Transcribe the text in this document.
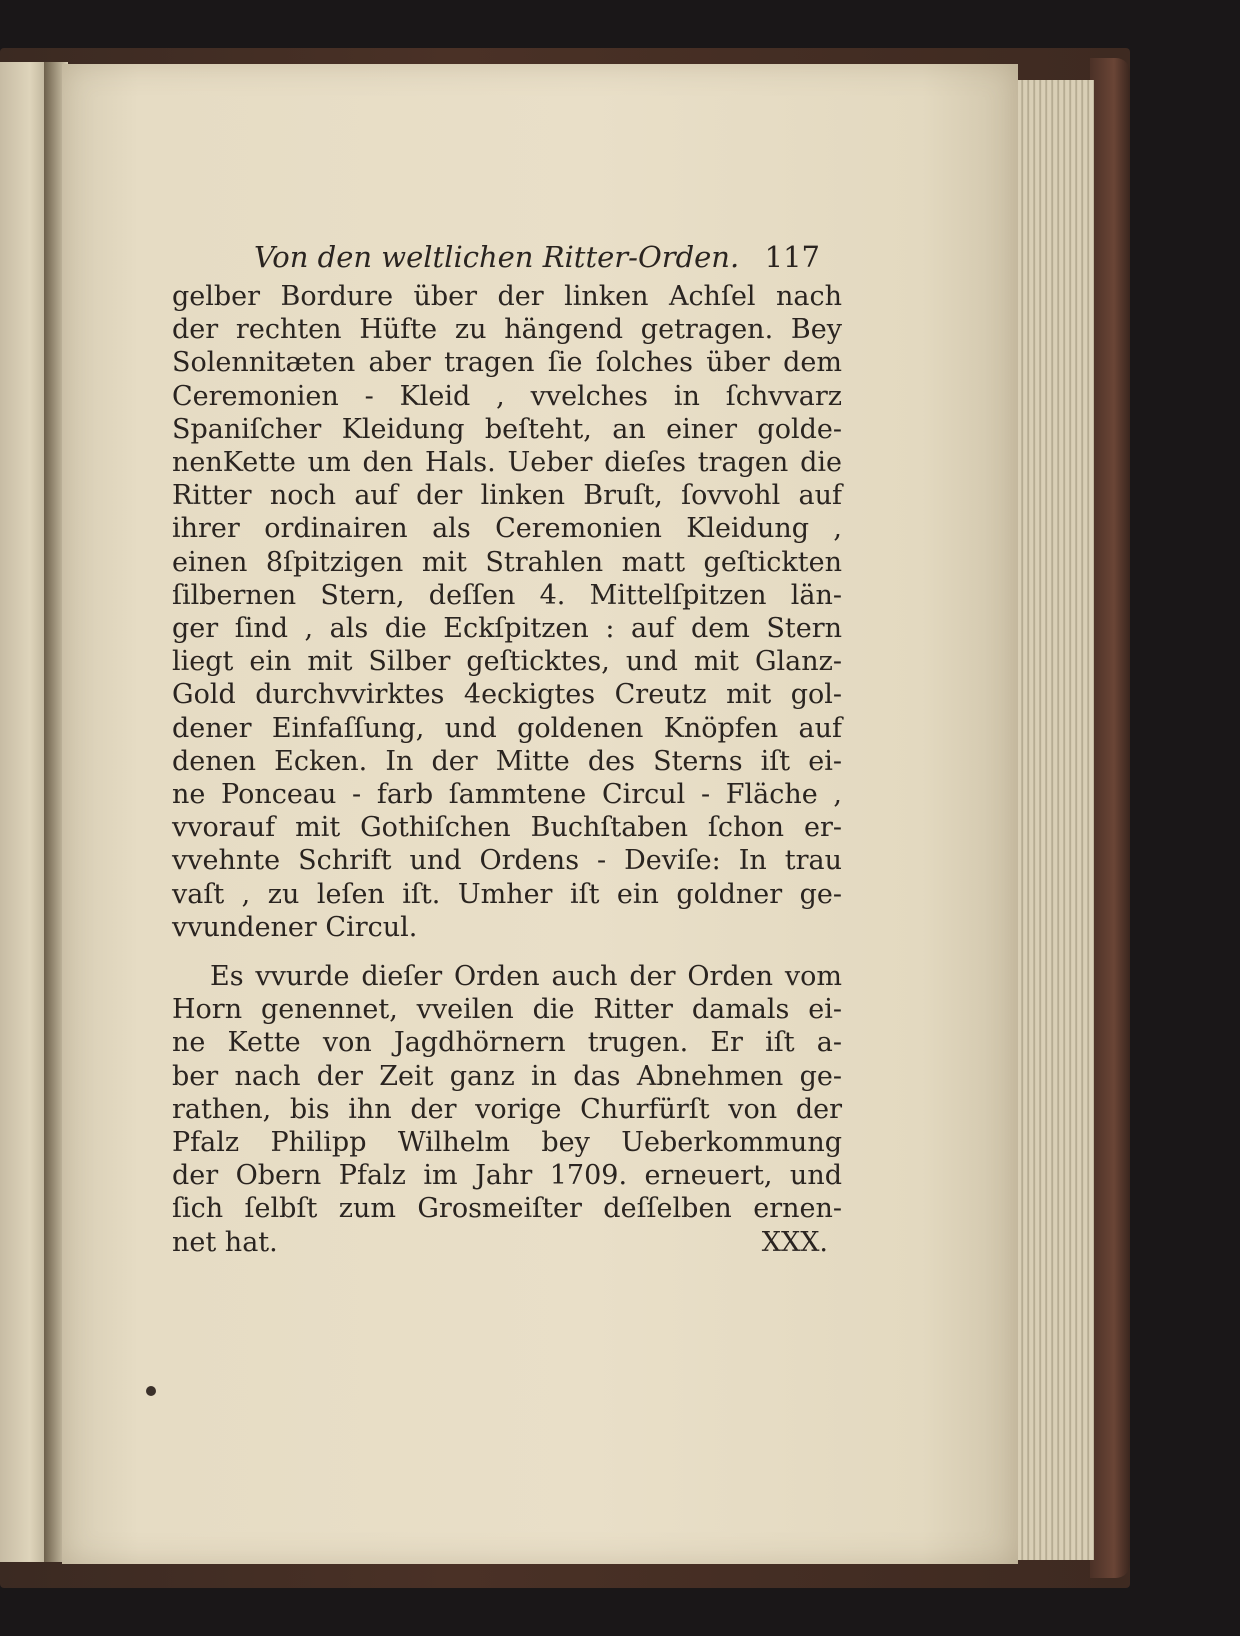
Von den weltlichen Ritter-Orden. 117
gelber Bordure über der linken Achſel nach
der rechten Hüfte zu hängend getragen. Bey
Solennitæten aber tragen ſie ſolches über dem
Ceremonien - Kleid , vvelches in ſchvvarz
Spaniſcher Kleidung beſteht, an einer golde-
nenKette um den Hals. Ueber dieſes tragen die
Ritter noch auf der linken Bruſt, ſovvohl auf
ihrer ordinairen als Ceremonien Kleidung ,
einen 8ſpitzigen mit Strahlen matt geſtickten
ſilbernen Stern, deſſen 4. Mittelſpitzen län-
ger ſind , als die Eckſpitzen : auf dem Stern
liegt ein mit Silber geſticktes, und mit Glanz-
Gold durchvvirktes 4eckigtes Creutz mit gol-
dener Einfaſſung, und goldenen Knöpfen auf
denen Ecken. In der Mitte des Sterns iſt ei-
ne Ponceau - farb ſammtene Circul - Fläche ,
vvorauf mit Gothiſchen Buchſtaben ſchon er-
vvehnte Schrift und Ordens - Deviſe: In trau
vaſt , zu leſen iſt. Umher iſt ein goldner ge-
vvundener Circul.
Es vvurde dieſer Orden auch der Orden vom
Horn genennet, vveilen die Ritter damals ei-
ne Kette von Jagdhörnern trugen. Er iſt a-
ber nach der Zeit ganz in das Abnehmen ge-
rathen, bis ihn der vorige Churfürſt von der
Pfalz Philipp Wilhelm bey Ueberkommung
der Obern Pfalz im Jahr 1709. erneuert, und
ſich ſelbſt zum Grosmeiſter deſſelben ernen-
net hat.	XXX.
